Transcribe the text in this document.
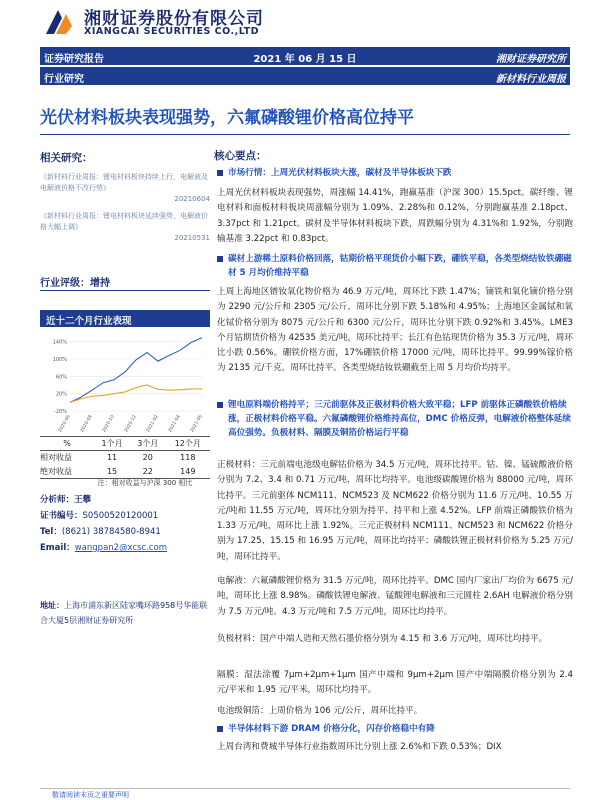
湘财证券股份有限公司
XIANGCAI SECURITIES CO.,LTD
证券研究报告	2021 年 06 月 15 日	湘财证券研究所
行业研究	新材料行业周报
光伏材料板块表现强势，六氟磷酸锂价格高位持平
相关研究：
《新材料行业周报：锂电材料板块持续上行，电解液及电解液价格不改行势》
20210604
《新材料行业周报：锂电材料板块延续强势，电解液价格大幅上调》
20210531
行业评级：增持
近十二个月行业表现
-20%
20%
60%
100%
140%
2020-06 2020-08 2020-10 2020-12 2021-02 2021-04 2021-06
%	1个月	3个月	12个月
相对收益	11	20	118
绝对收益	15	22	149
注：相对收益与沪深 300 相比
分析师：王攀
证书编号：S0500520120001
Tel：(8621) 38784580-8941
Email：wangpan2@xcsc.com
地址：上海市浦东新区陆家嘴环路958号华能联合大厦5层湘财证券研究所
核心要点：
市场行情：上周光伏材料板块大涨，碳材及半导体板块下跌
上周光伏材料板块表现强势，周涨幅 14.41%，跑赢基准（沪深 300）15.5pct。碳纤维、锂电材料和面板材料板块周涨幅分别为 1.09%、2.28%和 0.12%，分别跑赢基准 2.18pct、3.37pct 和 1.21pct。碳材及半导体材料板块下跌，周跌幅分别为 4.31%和 1.92%，分别跑输基准 3.22pct 和 0.83pct。
碳材上游稀土原料价格回落，钴期价格平现货价小幅下跌，硼铁平稳，各类型烧结钕铁硼磁材 5 月均价维持平稳
上周上海地区镨钕氧化物价格为 46.9 万元/吨，周环比下跌 1.47%；镝铁和氧化镝价格分别为 2290 元/公斤和 2305 元/公斤，周环比分别下跌 5.18%和 4.95%；上海地区金属铽和氧化铽价格分别为 8075 元/公斤和 6300 元/公斤，周环比分别下跌 0.92%和 3.45%。LME3 个月钴期货价格为 42535 美元/吨，周环比持平；长江有色钴现货价格为 35.3 万元/吨，周环比小跌 0.56%。硼铁价格方面，17%硼铁价格 17000 元/吨，周环比持平。99.99%镓价格为 2135 元/千克，周环比持平。各类型烧结钕铁硼截至上周 5 月均价均持平。
锂电原料端价格持平；三元前驱体及正极材料价格大致平稳；LFP 前驱体正磷酸铁价格续涨，正极材料价格平稳。六氟磷酸锂价格维持高位，DMC 价格反弹，电解液价格整体延续高位强势。负极材料、隔膜及铜箔价格运行平稳
正极材料：三元前端电池级电解钴价格为 34.5 万元/吨，周环比持平。钴、镍、锰硫酸液价格分别为 7.2、3.4 和 0.71 万元/吨，周环比均持平。电池级碳酸锂价格为 88000 元/吨，周环比持平。三元前驱体 NCM111、NCM523 及 NCM622 价格分别为 11.6 万元/吨、10.55 万元/吨和 11.55 万元/吨，周环比分别为持平、持平和上涨 4.52%。LFP 前端正磷酸铁价格为 1.33 万元/吨，周环比上涨 1.92%。三元正极材料 NCM111、NCM523 和 NCM622 价格分别为 17.25、15.15 和 16.95 万元/吨，周环比均持平；磷酸铁锂正极材料价格为 5.25 万元/吨，周环比持平。
电解液：六氟磷酸锂价格为 31.5 万元/吨，周环比持平。DMC 国内厂家出厂均价为 6675 元/吨，周环比上涨 8.98%。磷酸铁锂电解液、锰酸锂电解液和三元圆柱 2.6AH 电解液价格分别为 7.5 万元/吨、4.3 万元/吨和 7.5 万元/吨，周环比均持平。
负极材料：国产中端人造和天然石墨价格分别为 4.15 和 3.6 万元/吨，周环比均持平。
隔膜：湿法涂覆 7μm+2μm+1μm 国产中端和 9μm+2μm 国产中端隔膜价格分别为 2.4 元/平米和 1.95 元/平米，周环比均持平。
电池级铜箔：上周价格为 106 元/公斤，周环比持平。
半导体材料下游 DRAM 价格分化，闪存价格稳中有降
上周台湾和费城半导体行业指数周环比分别上涨 2.6%和下跌 0.53%；DIX
敬请阅读末页之重要声明
